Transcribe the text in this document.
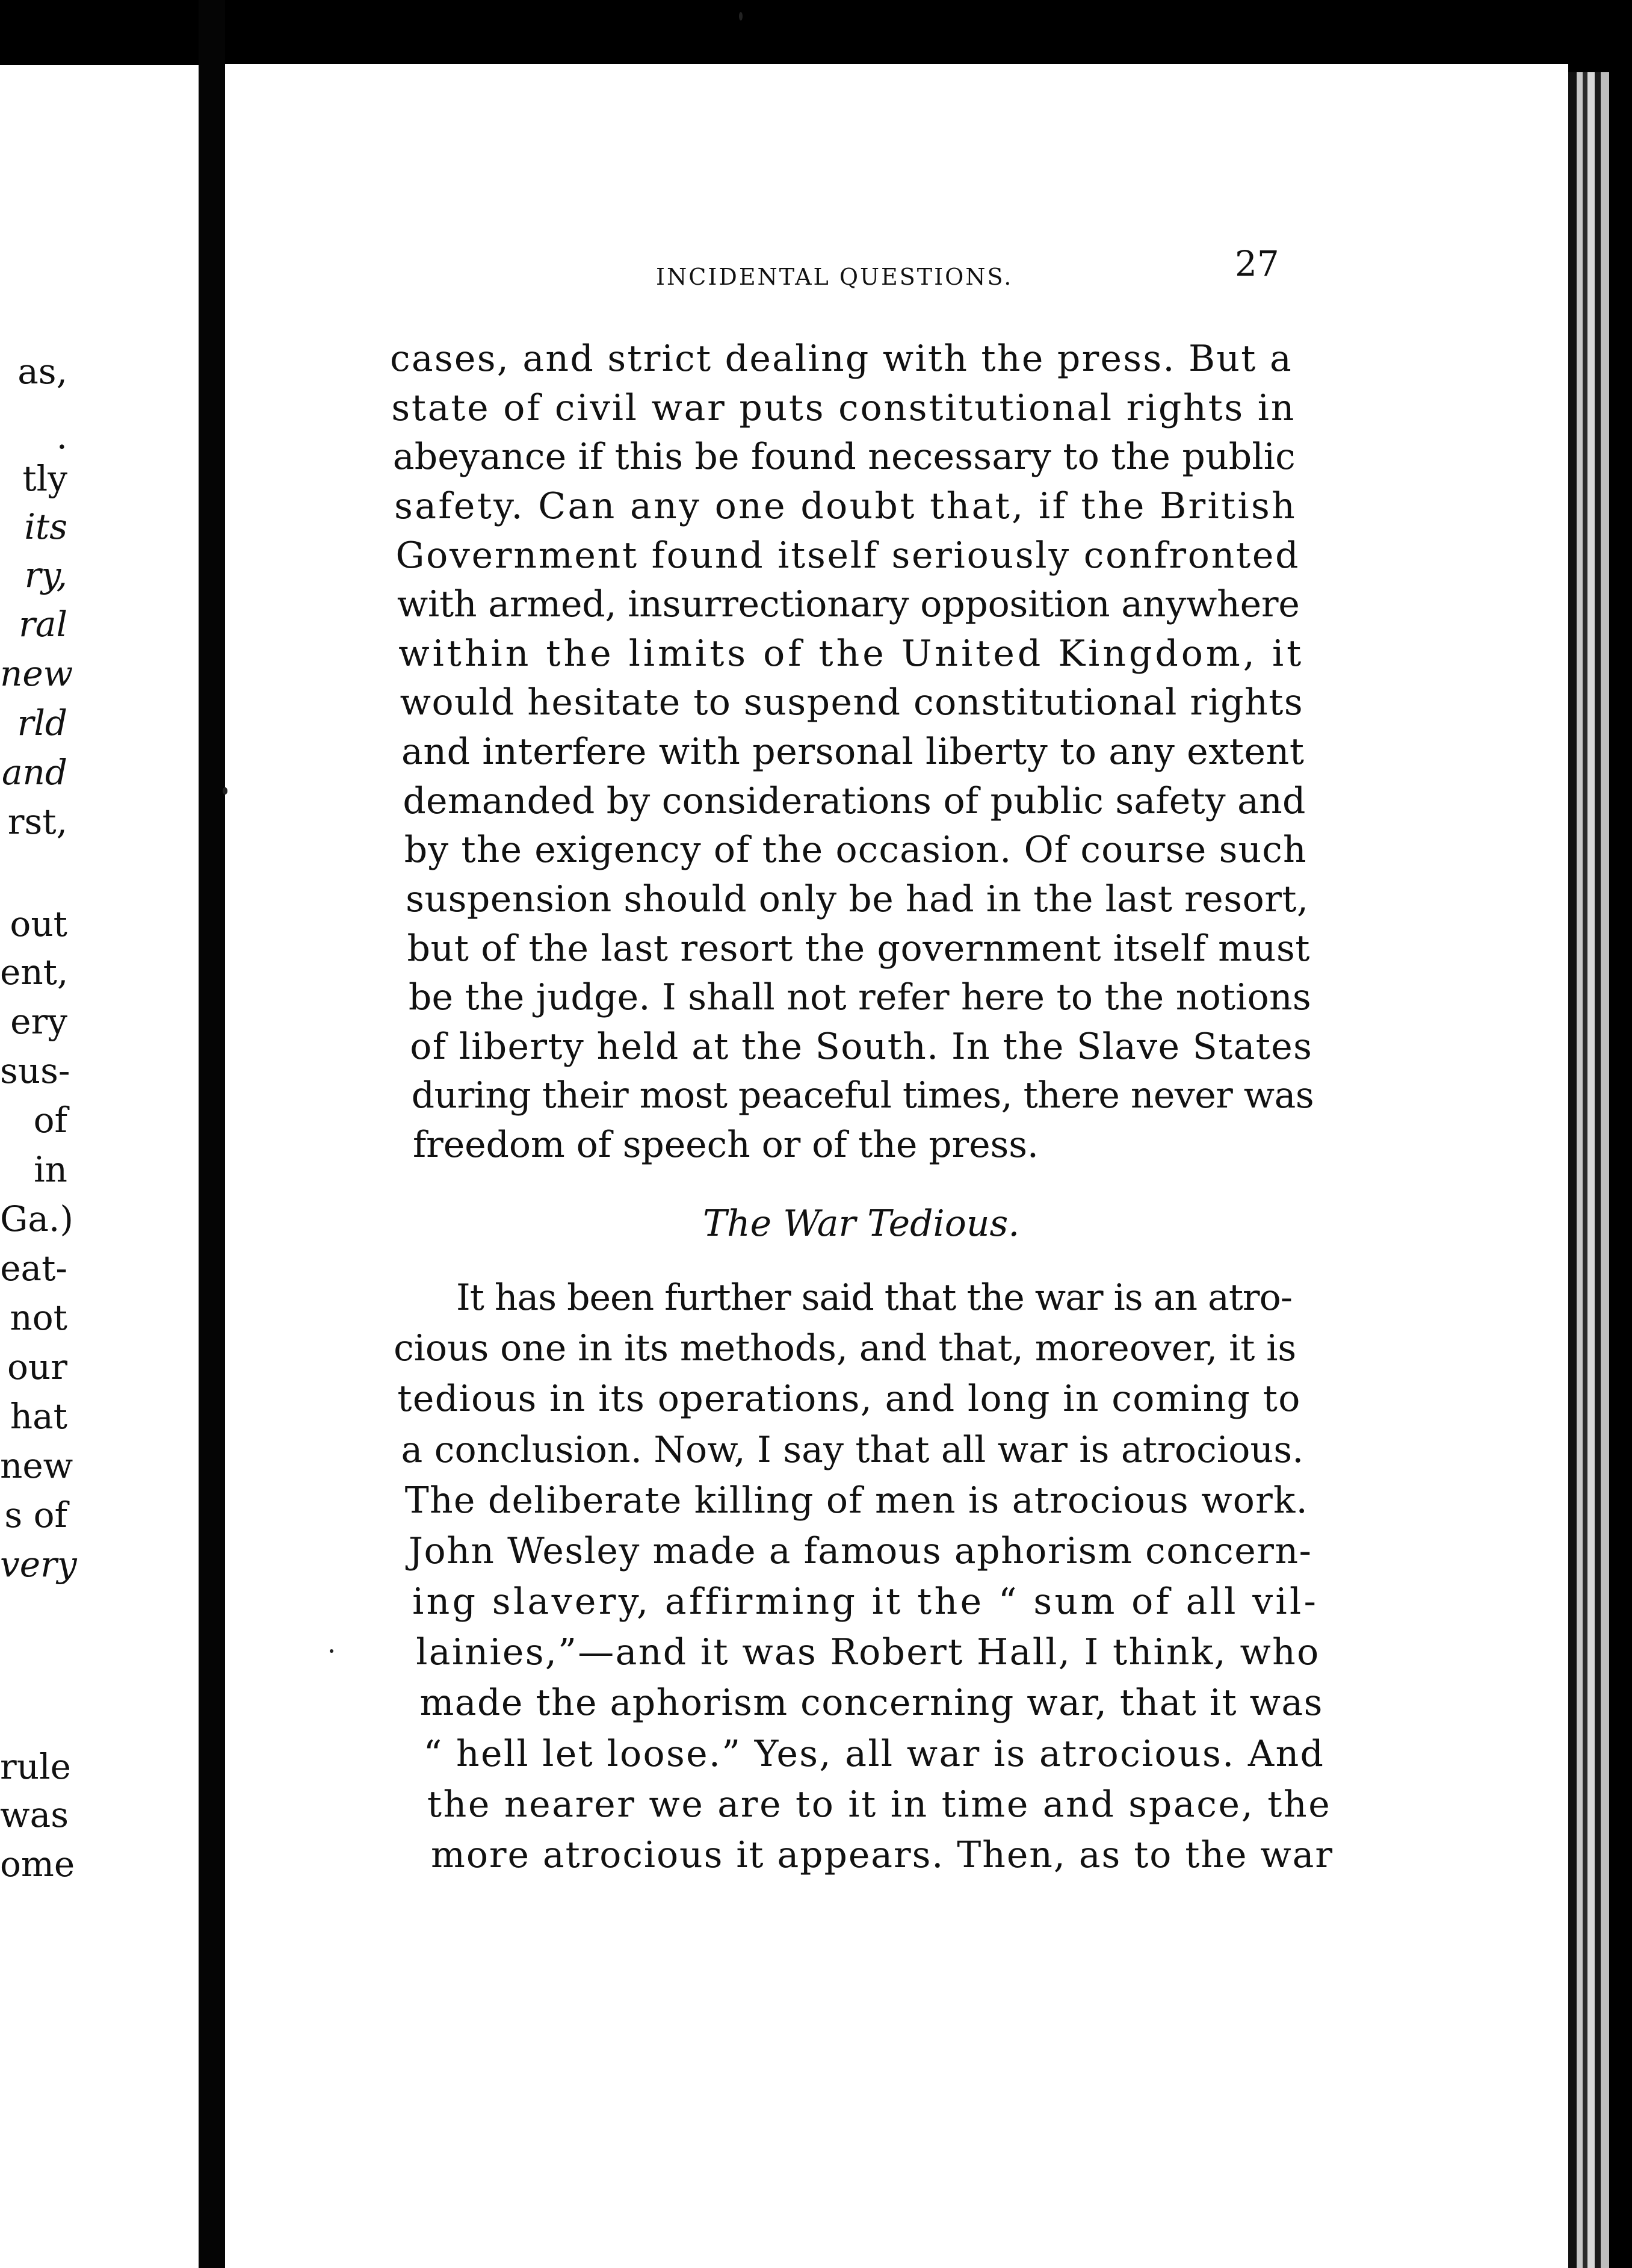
as,
.
tly
its
ry,
ral
new
rld
and
rst,
out
ent,
ery
sus-
of
in
Ga.)
eat-
not
our
hat
new
s of
very
rule
was
ome
INCIDENTAL QUESTIONS.	27
cases, and strict dealing with the press. But a
state of civil war puts constitutional rights in
abeyance if this be found necessary to the public
safety. Can any one doubt that, if the British
Government found itself seriously confronted
with armed, insurrectionary opposition anywhere
within the limits of the United Kingdom, it
would hesitate to suspend constitutional rights
and interfere with personal liberty to any extent
demanded by considerations of public safety and
by the exigency of the occasion. Of course such
suspension should only be had in the last resort,
but of the last resort the government itself must
be the judge. I shall not refer here to the notions
of liberty held at the South. In the Slave States
during their most peaceful times, there never was
freedom of speech or of the press.
The War Tedious.
It has been further said that the war is an atro-
cious one in its methods, and that, moreover, it is
tedious in its operations, and long in coming to
a conclusion. Now, I say that all war is atrocious.
The deliberate killing of men is atrocious work.
John Wesley made a famous aphorism concern-
ing slavery, affirming it the “ sum of all vil-
lainies,”—and it was Robert Hall, I think, who
made the aphorism concerning war, that it was
“ hell let loose.” Yes, all war is atrocious. And
the nearer we are to it in time and space, the
more atrocious it appears. Then, as to the war
